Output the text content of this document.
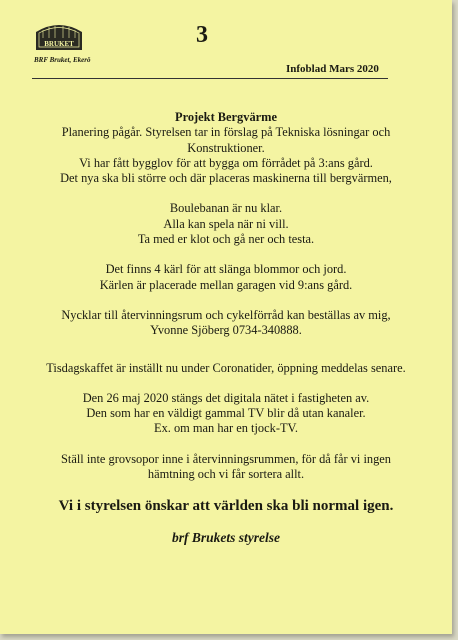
BRUKET
BRF Bruket, Ekerö
3
Infoblad Mars 2020
Projekt Bergvärme
Planering pågår. Styrelsen tar in förslag på Tekniska lösningar och
Konstruktioner.
Vi har fått bygglov för att bygga om förrådet på 3:ans gård.
Det nya ska bli större och där placeras maskinerna till bergvärmen,
Boulebanan är nu klar.
Alla kan spela när ni vill.
Ta med er klot och gå ner och testa.
Det finns 4 kärl för att slänga blommor och jord.
Kärlen är placerade mellan garagen vid 9:ans gård.
Nycklar till återvinningsrum och cykelförråd kan beställas av mig,
Yvonne Sjöberg 0734-340888.
Tisdagskaffet är inställt nu under Coronatider, öppning meddelas senare.
Den 26 maj 2020 stängs det digitala nätet i fastigheten av.
Den som har en väldigt gammal TV blir då utan kanaler.
Ex. om man har en tjock-TV.
Ställ inte grovsopor inne i återvinningsrummen, för då får vi ingen
hämtning och vi får sortera allt.
Vi i styrelsen önskar att världen ska bli normal igen.
brf Brukets styrelse
